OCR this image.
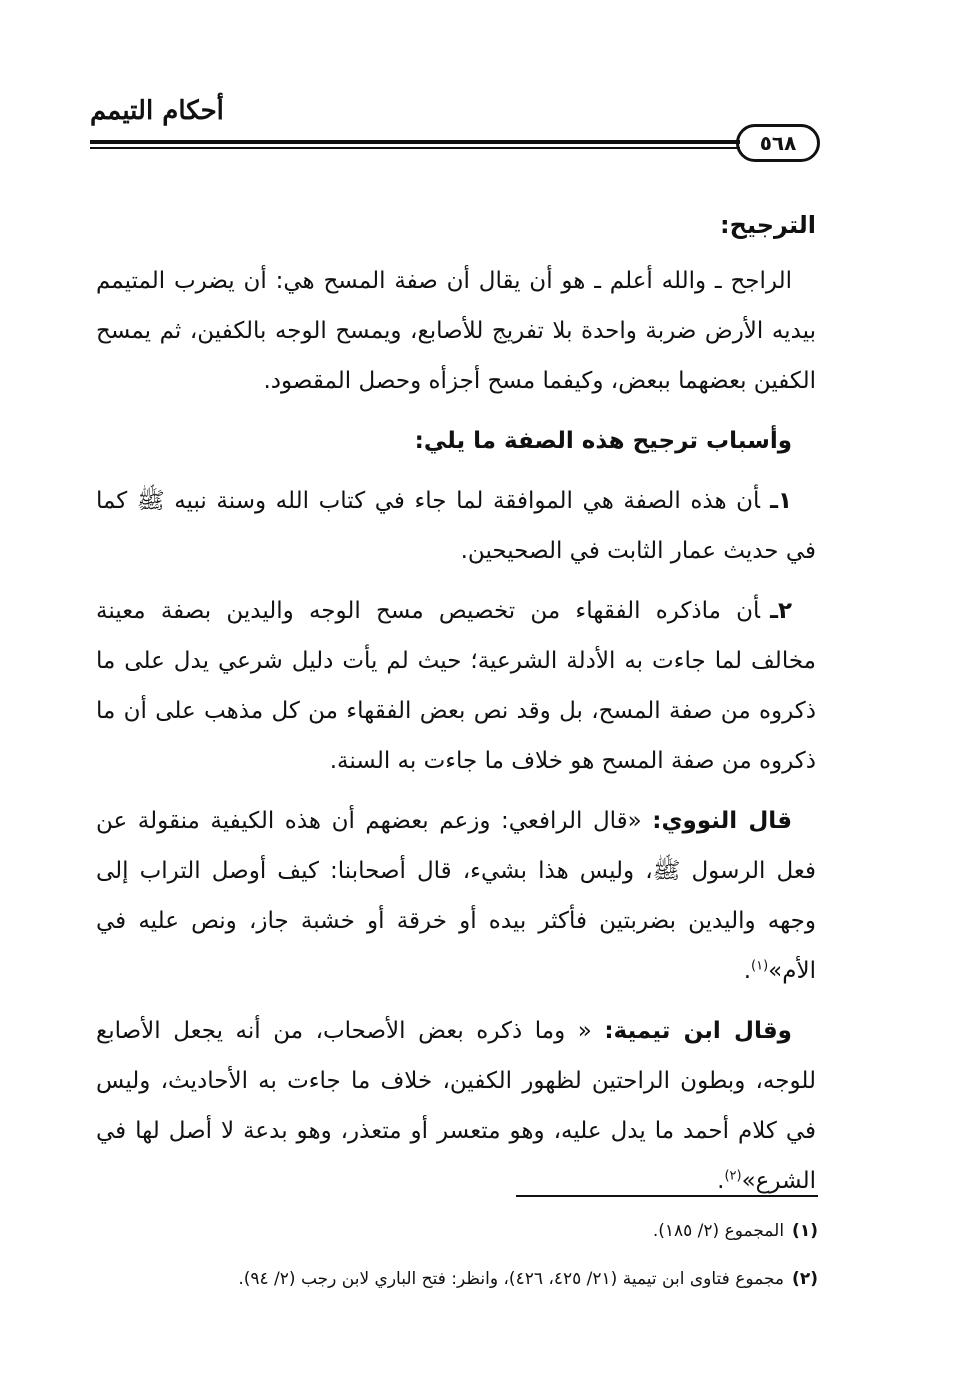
أحكام التيمم
٥٦٨

الترجيح:

الراجح ـ والله أعلم ـ هو أن يقال أن صفة المسح هي: أن يضرب المتيمم بيديه الأرض ضربة واحدة بلا تفريج للأصابع، ويمسح الوجه بالكفين، ثم يمسح الكفين بعضهما ببعض، وكيفما مسح أجزأه وحصل المقصود.

وأسباب ترجيح هذه الصفة ما يلي:

١ـأن هذه الصفة هي الموافقة لما جاء في كتاب الله وسنة نبيه ﷺ كما في حديث عمار الثابت في الصحيحين.

٢ـأن ماذكره الفقهاء من تخصيص مسح الوجه واليدين بصفة معينة مخالف لما جاءت به الأدلة الشرعية؛ حيث لم يأت دليل شرعي يدل على ما ذكروه من صفة المسح، بل وقد نص بعض الفقهاء من كل مذهب على أن ما ذكروه من صفة المسح هو خلاف ما جاءت به السنة.

قال النووي: «قال الرافعي: وزعم بعضهم أن هذه الكيفية منقولة عن فعل الرسول ﷺ، وليس هذا بشيء، قال أصحابنا: كيف أوصل التراب إلى وجهه واليدين بضربتين فأكثر بيده أو خرقة أو خشبة جاز، ونص عليه في الأم»$^{(١)}$.

وقال ابن تيمية: « وما ذكره بعض الأصحاب، من أنه يجعل الأصابع للوجه، وبطون الراحتين لظهور الكفين، خلاف ما جاءت به الأحاديث، وليس في كلام أحمد ما يدل عليه، وهو متعسر أو متعذر، وهو بدعة لا أصل لها في الشرع»$^{(٢)}$.

(١)المجموع (٢/ ١٨٥).

(٢)مجموع فتاوى ابن تيمية (٢١/ ٤٢٥، ٤٢٦)، وانظر: فتح الباري لابن رجب (٢/ ٩٤).
